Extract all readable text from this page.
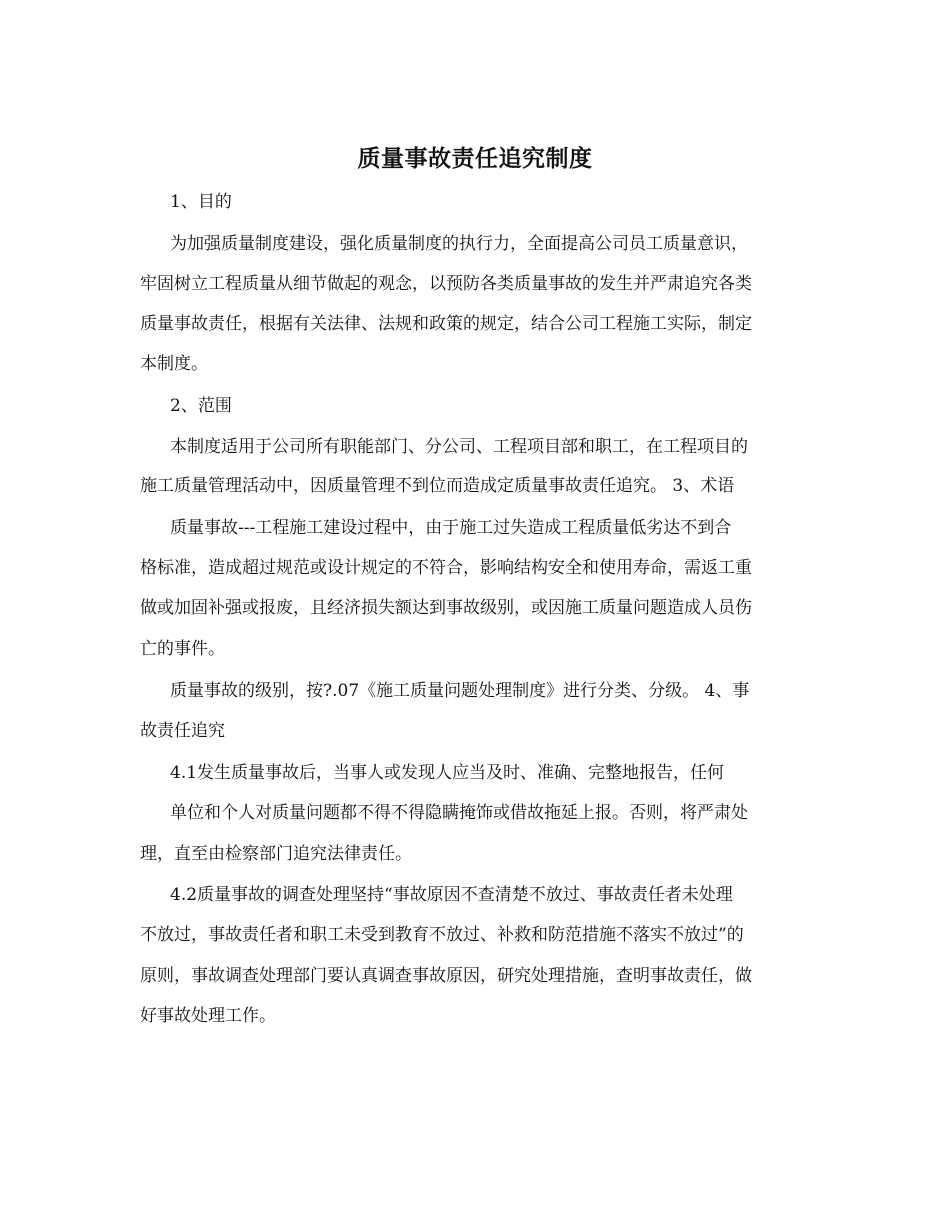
质量事故责任追究制度

1、目的

为加强质量制度建设，强化质量制度的执行力，全面提高公司员工质量意识，

牢固树立工程质量从细节做起的观念，以预防各类质量事故的发生并严肃追究各类

质量事故责任，根据有关法律、法规和政策的规定，结合公司工程施工实际，制定

本制度。

2、范围

本制度适用于公司所有职能部门、分公司、工程项目部和职工，在工程项目的

施工质量管理活动中，因质量管理不到位而造成定质量事故责任追究。 3、术语

质量事故---工程施工建设过程中，由于施工过失造成工程质量低劣达不到合

格标准，造成超过规范或设计规定的不符合，影响结构安全和使用寿命，需返工重

做或加固补强或报废，且经济损失额达到事故级别，或因施工质量问题造成人员伤

亡的事件。

质量事故的级别，按?.07《施工质量问题处理制度》进行分类、分级。 4、事

故责任追究

4.1发生质量事故后，当事人或发现人应当及时、准确、完整地报告，任何

单位和个人对质量问题都不得不得隐瞒掩饰或借故拖延上报。否则，将严肃处

理，直至由检察部门追究法律责任。

4.2质量事故的调查处理坚持“事故原因不查清楚不放过、事故责任者未处理

不放过，事故责任者和职工未受到教育不放过、补救和防范措施不落实不放过”的

原则，事故调查处理部门要认真调查事故原因，研究处理措施，查明事故责任，做

好事故处理工作。
